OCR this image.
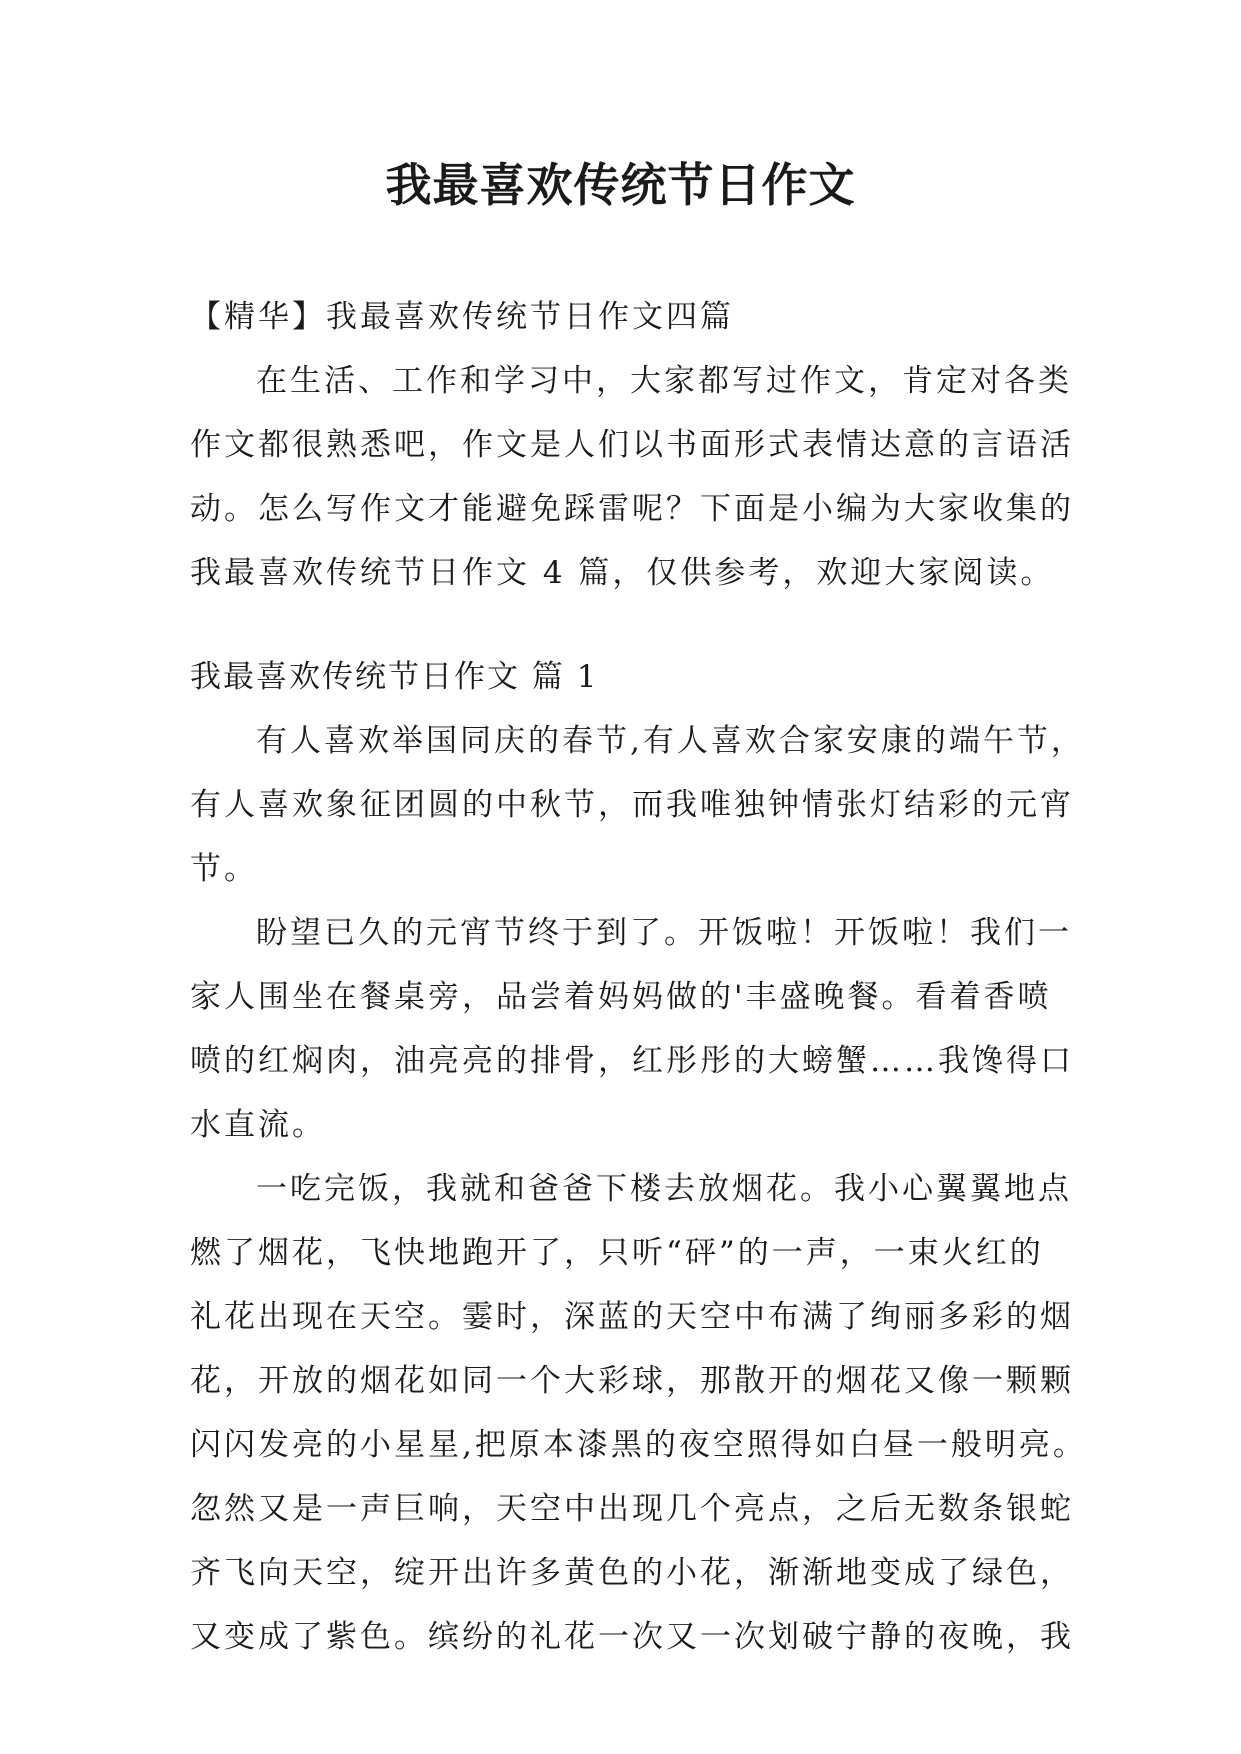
我最喜欢传统节日作文
【精华】我最喜欢传统节日作文四篇
在生活、工作和学习中，大家都写过作文，肯定对各类
作文都很熟悉吧，作文是人们以书面形式表情达意的言语活
动。怎么写作文才能避免踩雷呢？下面是小编为大家收集的
我最喜欢传统节日作文 4 篇，仅供参考，欢迎大家阅读。
我最喜欢传统节日作文 篇 1
有人喜欢举国同庆的春节,有人喜欢合家安康的端午节，
有人喜欢象征团圆的中秋节，而我唯独钟情张灯结彩的元宵
节。
盼望已久的元宵节终于到了。开饭啦！开饭啦！我们一
家人围坐在餐桌旁，品尝着妈妈做的'丰盛晚餐。看着香喷
喷的红焖肉，油亮亮的排骨，红彤彤的大螃蟹……我馋得口
水直流。
一吃完饭，我就和爸爸下楼去放烟花。我小心翼翼地点
燃了烟花，飞快地跑开了，只听“砰”的一声，一束火红的
礼花出现在天空。霎时，深蓝的天空中布满了绚丽多彩的烟
花，开放的烟花如同一个大彩球，那散开的烟花又像一颗颗
闪闪发亮的小星星,把原本漆黑的夜空照得如白昼一般明亮。
忽然又是一声巨响，天空中出现几个亮点，之后无数条银蛇
齐飞向天空，绽开出许多黄色的小花，渐渐地变成了绿色，
又变成了紫色。缤纷的礼花一次又一次划破宁静的夜晚，我
